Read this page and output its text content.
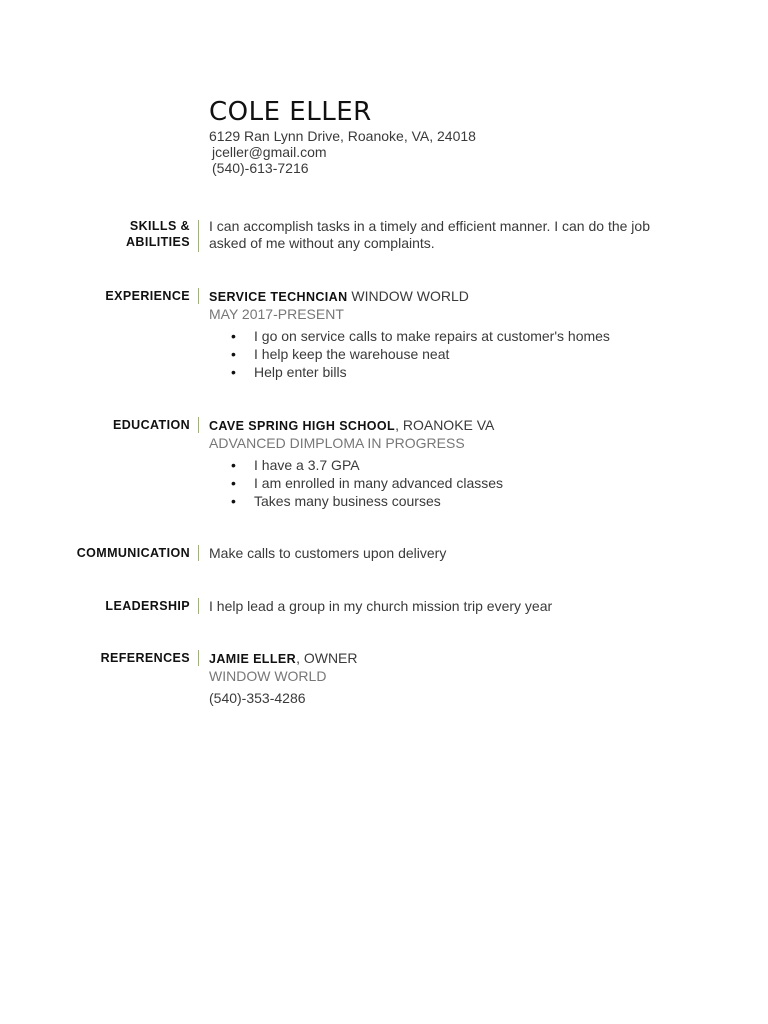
COLE ELLER
6129 Ran Lynn Drive, Roanoke, VA, 24018
jceller@gmail.com
(540)-613-7216
SKILLS &
ABILITIES
I can accomplish tasks in a timely and efficient manner. I can do the job asked of me without any complaints.
EXPERIENCE SERVICE TECHNCIAN WINDOW WORLD
MAY 2017-PRESENT
• I go on service calls to make repairs at customer's homes
• I help keep the warehouse neat
• Help enter bills
EDUCATION CAVE SPRING HIGH SCHOOL, ROANOKE VA
ADVANCED DIMPLOMA IN PROGRESS
• I have a 3.7 GPA
• I am enrolled in many advanced classes
• Takes many business courses
COMMUNICATION Make calls to customers upon delivery
LEADERSHIP I help lead a group in my church mission trip every year
REFERENCES JAMIE ELLER, OWNER
WINDOW WORLD
(540)-353-4286
